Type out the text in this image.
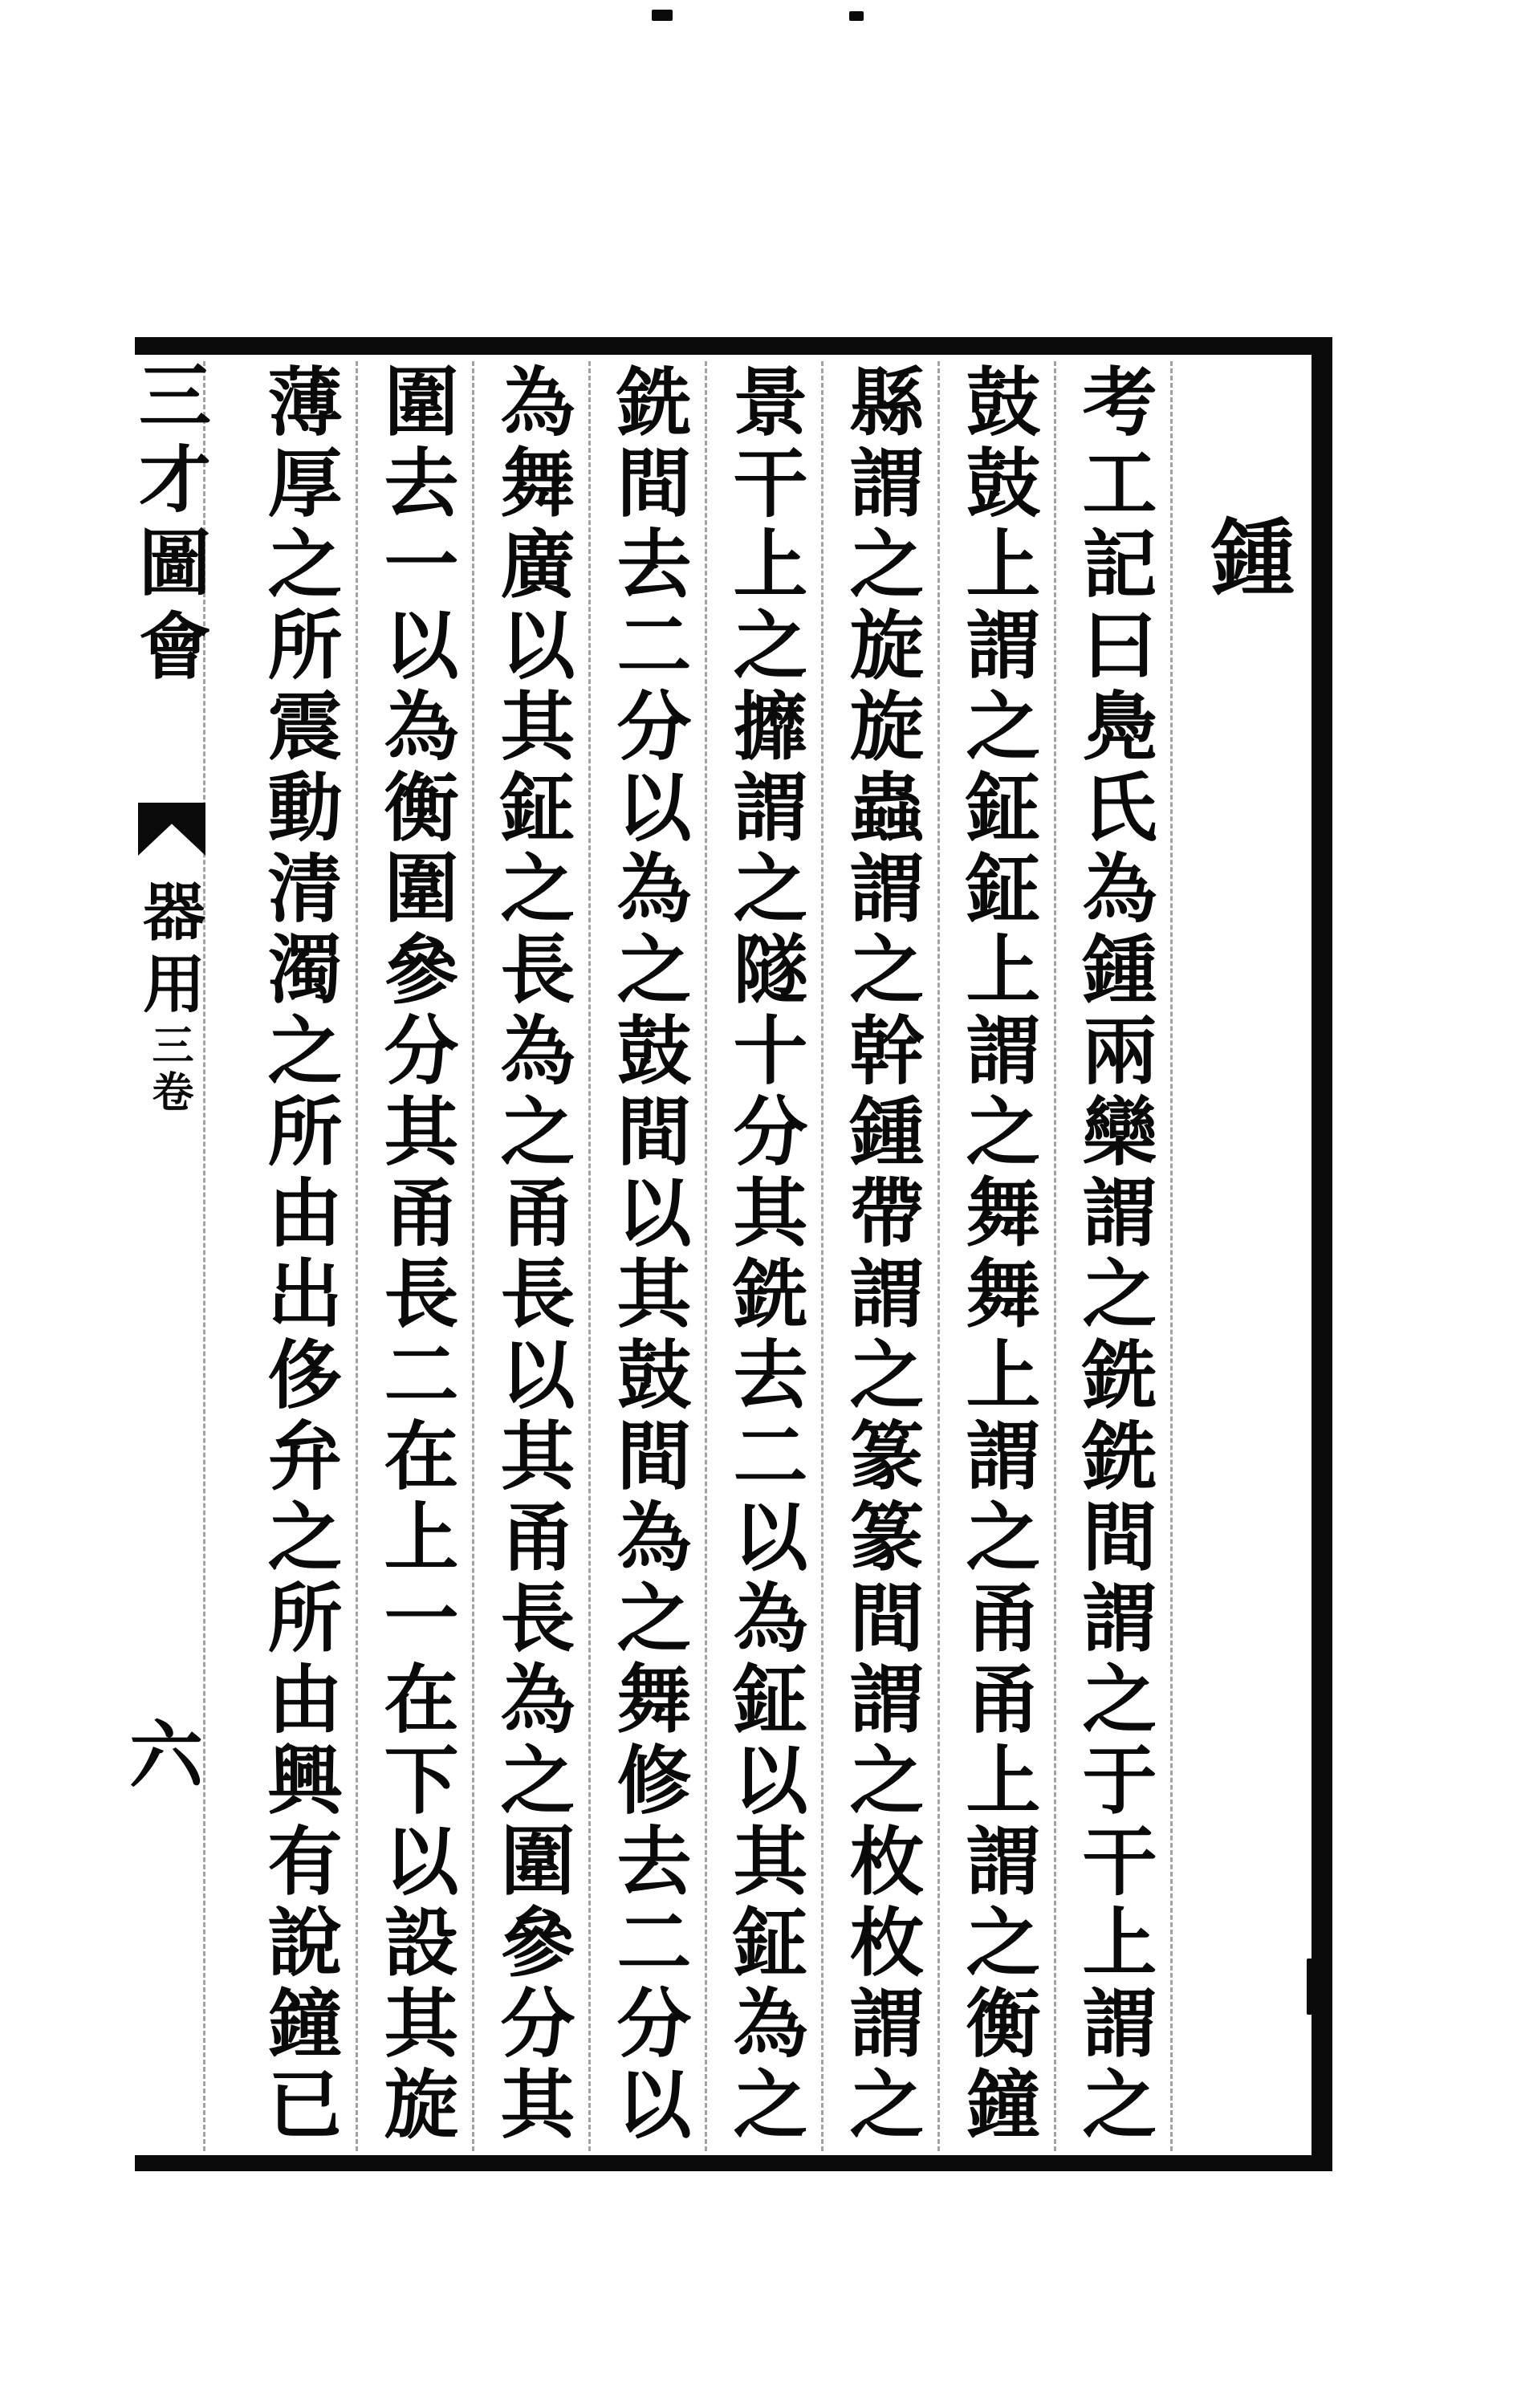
鍾
考工記曰鳧氏為鍾兩欒謂之銑銑間謂之于干上謂之
鼓鼓上謂之鉦鉦上謂之舞舞上謂之甬甬上謂之衡鐘
縣謂之旋旋蟲謂之幹鍾帶謂之篆篆間謂之枚枚謂之
景干上之攠謂之隧十分其銑去二以為鉦以其鉦為之
銑間去二分以為之鼓間以其鼓間為之舞修去二分以
為舞廣以其鉦之長為之甬長以其甬長為之圍參分其
圍去一以為衡圍參分其甬長二在上一在下以設其旋
薄厚之所震動清濁之所由出侈弁之所由興有說鐘已
三才圖會
器用三卷
六
